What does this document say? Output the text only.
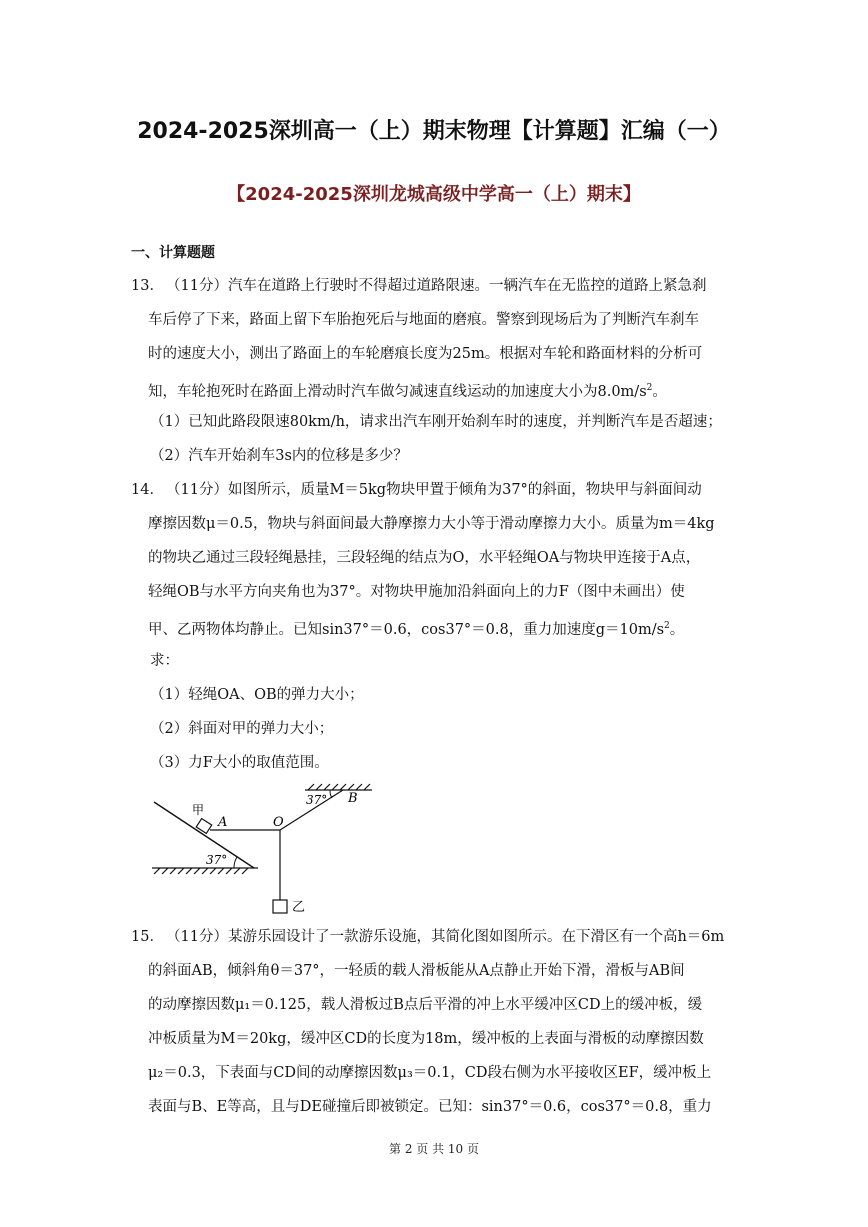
2024-2025深圳高一（上）期末物理【计算题】汇编（一）
【2024-2025深圳龙城高级中学高一（上）期末】
一、计算题题
13． （11分）汽车在道路上行驶时不得超过道路限速。一辆汽车在无监控的道路上紧急刹
车后停了下来，路面上留下车胎抱死后与地面的磨痕。警察到现场后为了判断汽车刹车
时的速度大小，测出了路面上的车轮磨痕长度为25m。根据对车轮和路面材料的分析可
知，车轮抱死时在路面上滑动时汽车做匀减速直线运动的加速度大小为$8.0m/s^2$。
（1）已知此路段限速80km/h，请求出汽车刚开始刹车时的速度，并判断汽车是否超速；
（2）汽车开始刹车3s内的位移是多少？
14． （11分）如图所示，质量M＝5kg物块甲置于倾角为37°的斜面，物块甲与斜面间动
摩擦因数μ＝0.5，物块与斜面间最大静摩擦力大小等于滑动摩擦力大小。质量为m＝4kg
的物块乙通过三段轻绳悬挂，三段轻绳的结点为O，水平轻绳OA与物块甲连接于A点，
轻绳OB与水平方向夹角也为37°。对物块甲施加沿斜面向上的力F（图中未画出）使
甲、乙两物体均静止。已知sin37°＝0.6，cos37°＝0.8，重力加速度$g=10m/s^2$。
求：
（1）轻绳OA、OB的弹力大小；
（2）斜面对甲的弹力大小；
（3）力F大小的取值范围。
37°
37°
A	O
B
甲
乙
15． （11分）某游乐园设计了一款游乐设施，其简化图如图所示。在下滑区有一个高h＝6m
的斜面AB，倾斜角θ＝37°，一轻质的载人滑板能从A点静止开始下滑，滑板与AB间
的动摩擦因数μ₁＝0.125，载人滑板过B点后平滑的冲上水平缓冲区CD上的缓冲板，缓
冲板质量为M＝20kg，缓冲区CD的长度为18m，缓冲板的上表面与滑板的动摩擦因数
μ₂＝0.3，下表面与CD间的动摩擦因数μ₃＝0.1，CD段右侧为水平接收区EF，缓冲板上
表面与B、E等高，且与DE碰撞后即被锁定。已知：sin37°＝0.6，cos37°＝0.8，重力
第 2 页 共 10 页
